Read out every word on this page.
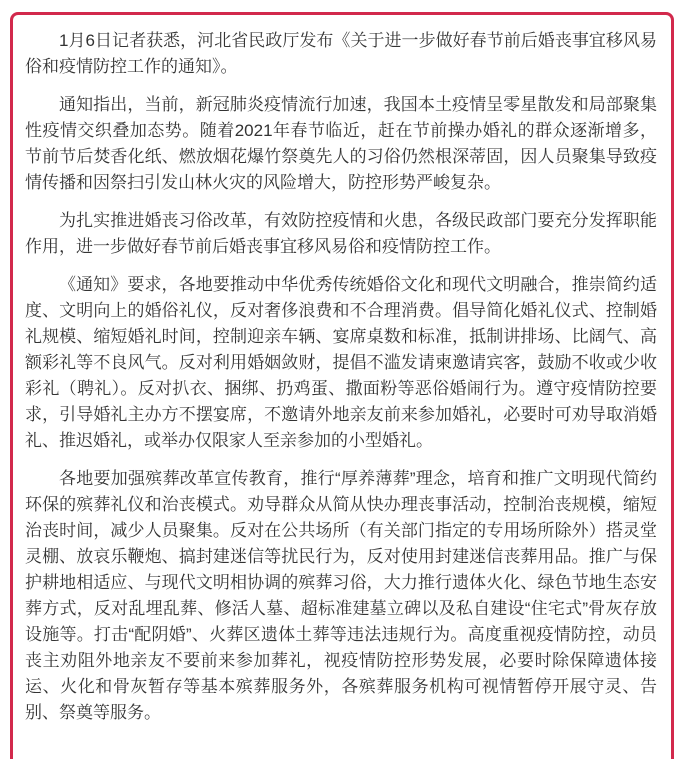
1月6日记者获悉，河北省民政厅发布《关于进一步做好春节前后婚丧事宜移风易俗和疫情防控工作的通知》。

通知指出，当前，新冠肺炎疫情流行加速，我国本土疫情呈零星散发和局部聚集性疫情交织叠加态势。随着2021年春节临近，赶在节前操办婚礼的群众逐渐增多，节前节后焚香化纸、燃放烟花爆竹祭奠先人的习俗仍然根深蒂固，因人员聚集导致疫情传播和因祭扫引发山林火灾的风险增大，防控形势严峻复杂。

为扎实推进婚丧习俗改革，有效防控疫情和火患，各级民政部门要充分发挥职能作用，进一步做好春节前后婚丧事宜移风易俗和疫情防控工作。

《通知》要求，各地要推动中华优秀传统婚俗文化和现代文明融合，推崇简约适度、文明向上的婚俗礼仪，反对奢侈浪费和不合理消费。倡导简化婚礼仪式、控制婚礼规模、缩短婚礼时间，控制迎亲车辆、宴席桌数和标准，抵制讲排场、比阔气、高额彩礼等不良风气。反对利用婚姻敛财，提倡不滥发请柬邀请宾客，鼓励不收或少收彩礼（聘礼）。反对扒衣、捆绑、扔鸡蛋、撒面粉等恶俗婚闹行为。遵守疫情防控要求，引导婚礼主办方不摆宴席，不邀请外地亲友前来参加婚礼，必要时可劝导取消婚礼、推迟婚礼，或举办仅限家人至亲参加的小型婚礼。

各地要加强殡葬改革宣传教育，推行“厚养薄葬”理念，培育和推广文明现代简约环保的殡葬礼仪和治丧模式。劝导群众从简从快办理丧事活动，控制治丧规模，缩短治丧时间，减少人员聚集。反对在公共场所（有关部门指定的专用场所除外）搭灵堂灵棚、放哀乐鞭炮、搞封建迷信等扰民行为，反对使用封建迷信丧葬用品。推广与保护耕地相适应、与现代文明相协调的殡葬习俗，大力推行遗体火化、绿色节地生态安葬方式，反对乱埋乱葬、修活人墓、超标准建墓立碑以及私自建设“住宅式”骨灰存放设施等。打击“配阴婚”、火葬区遗体土葬等违法违规行为。高度重视疫情防控，动员丧主劝阻外地亲友不要前来参加葬礼，视疫情防控形势发展，必要时除保障遗体接运、火化和骨灰暂存等基本殡葬服务外，各殡葬服务机构可视情暂停开展守灵、告别、祭奠等服务。
